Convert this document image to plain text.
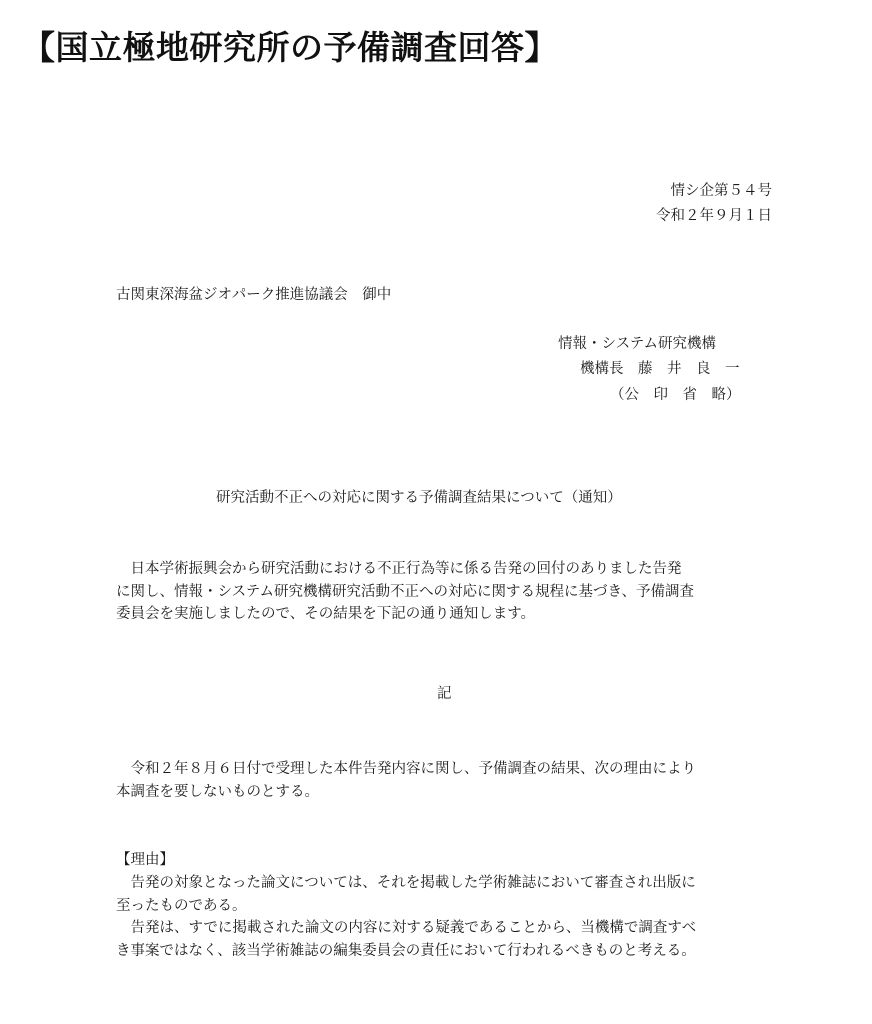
【国立極地研究所の予備調査回答】
情シ企第５４号
令和２年９月１日
古関東深海盆ジオパーク推進協議会　御中
情報・システム研究機構
機構長　藤　井　良　一
（公　印　省　略）
研究活動不正への対応に関する予備調査結果について（通知）
　日本学術振興会から研究活動における不正行為等に係る告発の回付のありました告発
に関し、情報・システム研究機構研究活動不正への対応に関する規程に基づき、予備調査
委員会を実施しましたので、その結果を下記の通り通知します。
記
　令和２年８月６日付で受理した本件告発内容に関し、予備調査の結果、次の理由により
本調査を要しないものとする。
【理由】
　告発の対象となった論文については、それを掲載した学術雑誌において審査され出版に
至ったものである。
　告発は、すでに掲載された論文の内容に対する疑義であることから、当機構で調査すべ
き事案ではなく、該当学術雑誌の編集委員会の責任において行われるべきものと考える。
